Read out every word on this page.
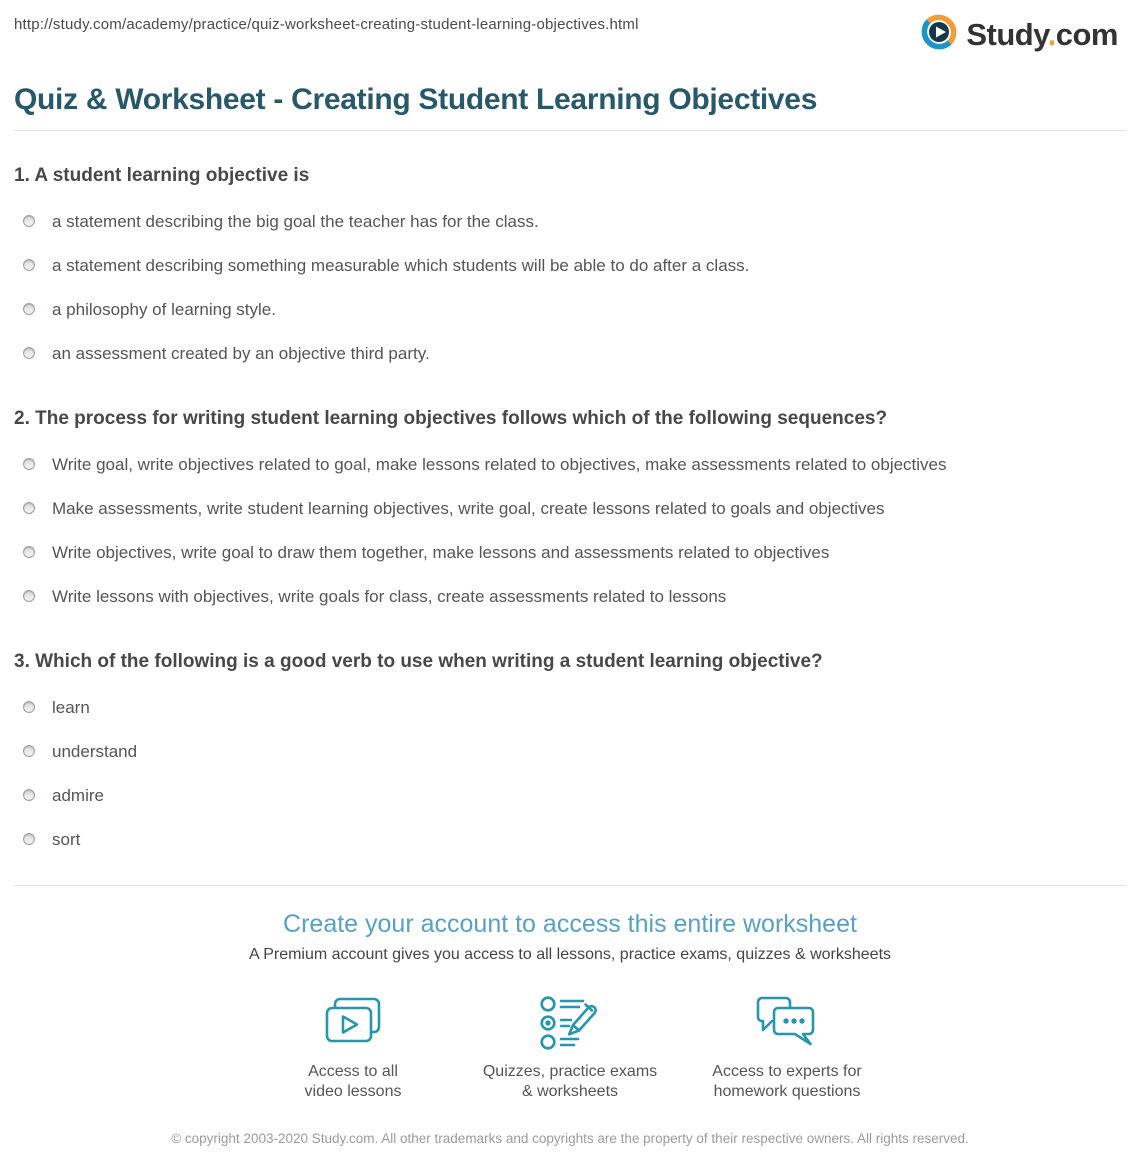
http://study.com/academy/practice/quiz-worksheet-creating-student-learning-objectives.html	Study.com
Quiz & Worksheet - Creating Student Learning Objectives
1. A student learning objective is
a statement describing the big goal the teacher has for the class.
a statement describing something measurable which students will be able to do after a class.
a philosophy of learning style.
an assessment created by an objective third party.
2. The process for writing student learning objectives follows which of the following sequences?
Write goal, write objectives related to goal, make lessons related to objectives, make assessments related to objectives
Make assessments, write student learning objectives, write goal, create lessons related to goals and objectives
Write objectives, write goal to draw them together, make lessons and assessments related to objectives
Write lessons with objectives, write goals for class, create assessments related to lessons
3. Which of the following is a good verb to use when writing a student learning objective?
learn
understand
admire
sort
Create your account to access this entire worksheet
A Premium account gives you access to all lessons, practice exams, quizzes & worksheets
Access to all
video lessons
Quizzes, practice exams
& worksheets
Access to experts for
homework questions
© copyright 2003-2020 Study.com. All other trademarks and copyrights are the property of their respective owners. All rights reserved.
